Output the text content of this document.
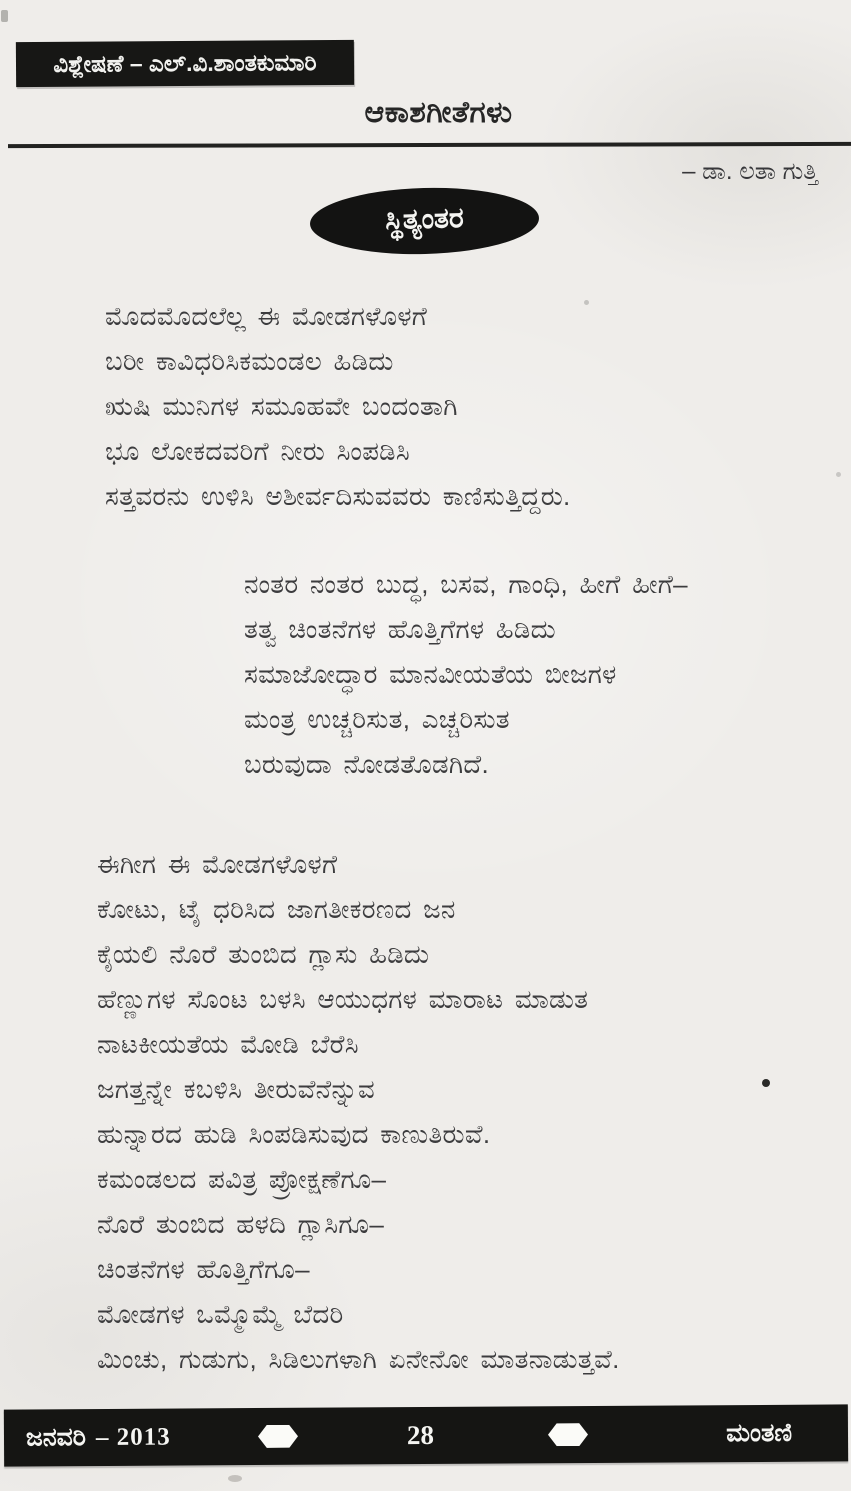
ವಿಶ್ಲೇಷಣೆ – ಎಲ್.ವಿ.ಶಾಂತಕುಮಾರಿ
ಆಕಾಶಗೀತೆಗಳು
– ಡಾ. ಲತಾ ಗುತ್ತಿ
ಸ್ಥಿತ್ಯಂತರ
ಮೊದಮೊದಲೆಲ್ಲ ಈ ಮೋಡಗಳೊಳಗೆ
ಬರೀ ಕಾವಿಧರಿಸಿಕಮಂಡಲ ಹಿಡಿದು
ಋಷಿ ಮುನಿಗಳ ಸಮೂಹವೇ ಬಂದಂತಾಗಿ
ಭೂ ಲೋಕದವರಿಗೆ ನೀರು ಸಿಂಪಡಿಸಿ
ಸತ್ತವರನು ಉಳಿಸಿ ಅಶೀರ್ವದಿಸುವವರು ಕಾಣಿಸುತ್ತಿದ್ದರು.
ನಂತರ ನಂತರ ಬುದ್ಧ, ಬಸವ, ಗಾಂಧಿ, ಹೀಗೆ ಹೀಗೆ–
ತತ್ವ ಚಿಂತನೆಗಳ ಹೊತ್ತಿಗೆಗಳ ಹಿಡಿದು
ಸಮಾಜೋದ್ಧಾರ ಮಾನವೀಯತೆಯ ಬೀಜಗಳ
ಮಂತ್ರ ಉಚ್ಚರಿಸುತ, ಎಚ್ಚರಿಸುತ
ಬರುವುದಾ ನೋಡತೊಡಗಿದೆ.
ಈಗೀಗ ಈ ಮೋಡಗಳೊಳಗೆ
ಕೋಟು, ಟೈ ಧರಿಸಿದ ಜಾಗತೀಕರಣದ ಜನ
ಕೈಯಲಿ ನೊರೆ ತುಂಬಿದ ಗ್ಲಾಸು ಹಿಡಿದು
ಹೆಣ್ಣುಗಳ ಸೊಂಟ ಬಳಸಿ ಆಯುಧಗಳ ಮಾರಾಟ ಮಾಡುತ
ನಾಟಕೀಯತೆಯ ಮೋಡಿ ಬೆರೆಸಿ
ಜಗತ್ತನ್ನೇ ಕಬಳಿಸಿ ತೀರುವೆನೆನ್ನುವ
ಹುನ್ನಾರದ ಹುಡಿ ಸಿಂಪಡಿಸುವುದ ಕಾಣುತಿರುವೆ.
ಕಮಂಡಲದ ಪವಿತ್ರ ಪ್ರೋಕ್ಷಣೆಗೂ–
ನೊರೆ ತುಂಬಿದ ಹಳದಿ ಗ್ಲಾಸಿಗೂ–
ಚಿಂತನೆಗಳ ಹೊತ್ತಿಗೆಗೂ–
ಮೋಡಗಳ ಒಮ್ಮೊಮ್ಮೆ ಬೆದರಿ
ಮಿಂಚು, ಗುಡುಗು, ಸಿಡಿಲುಗಳಾಗಿ ಏನೇನೋ ಮಾತನಾಡುತ್ತವೆ.
ಜನವರಿ – 2013	28	ಮಂತಣಿ
